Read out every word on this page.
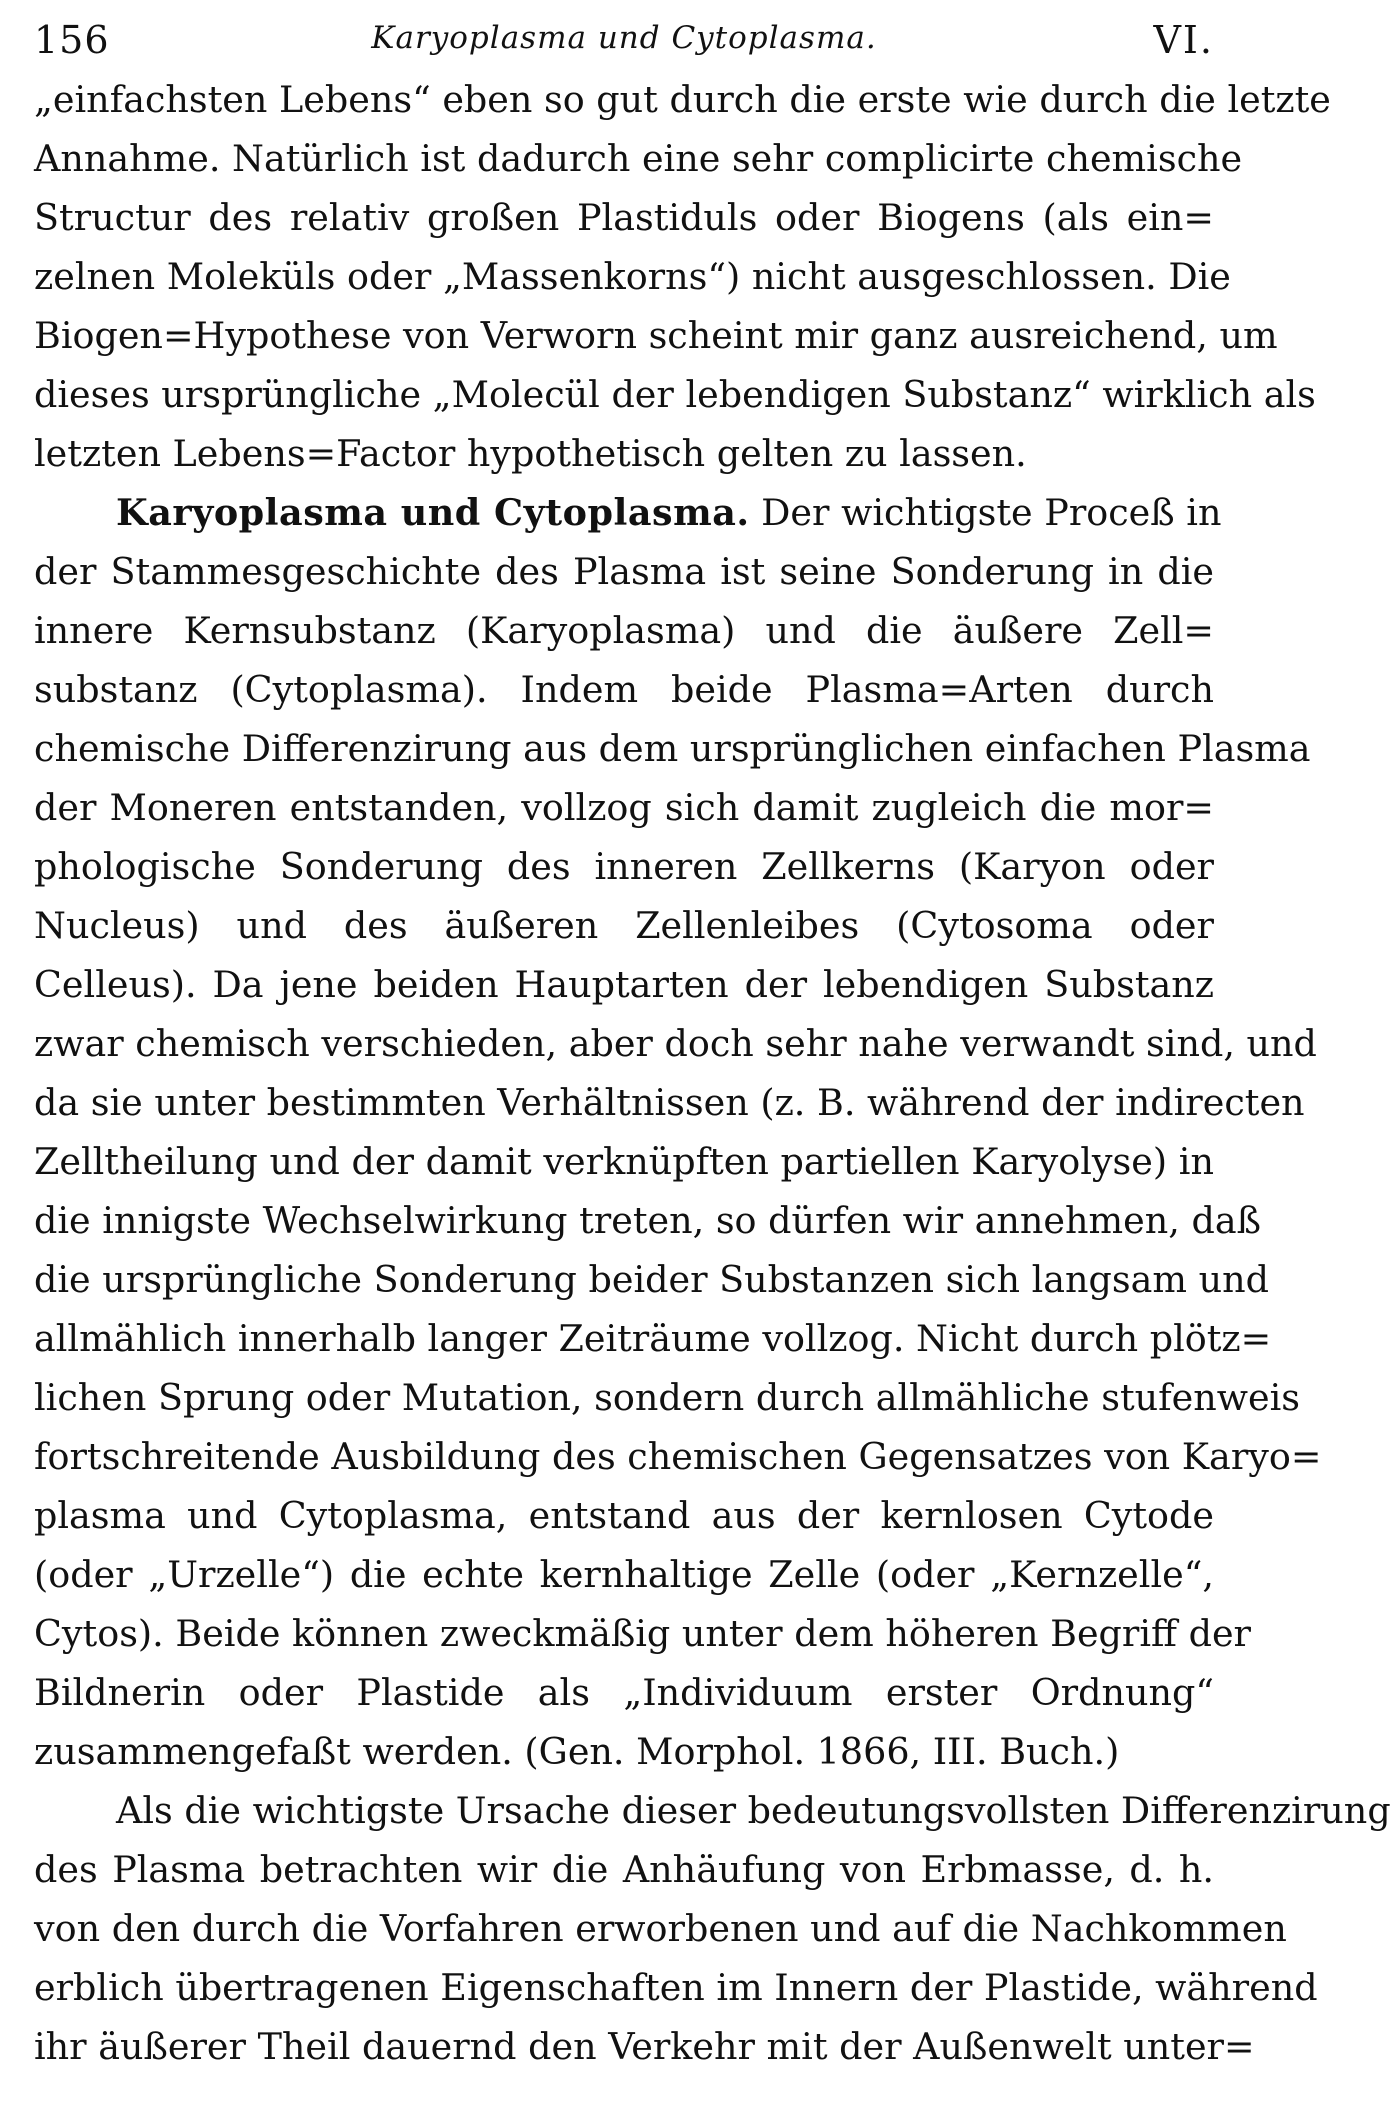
156	Karyoplasma und Cytoplasma.	VI.
„einfachsten Lebens“ eben so gut durch die erste wie durch die letzte
Annahme. Natürlich ist dadurch eine sehr complicirte chemische
Structur des relativ großen Plastiduls oder Biogens (als ein=
zelnen Moleküls oder „Massenkorns“) nicht ausgeschlossen. Die
Biogen=Hypothese von Verworn scheint mir ganz ausreichend, um
dieses ursprüngliche „Molecül der lebendigen Substanz“ wirklich als
letzten Lebens=Factor hypothetisch gelten zu lassen.
Karyoplasma und Cytoplasma. Der wichtigste Proceß in
der Stammesgeschichte des Plasma ist seine Sonderung in die
innere Kernsubstanz (Karyoplasma) und die äußere Zell=
substanz (Cytoplasma). Indem beide Plasma=Arten durch
chemische Differenzirung aus dem ursprünglichen einfachen Plasma
der Moneren entstanden, vollzog sich damit zugleich die mor=
phologische Sonderung des inneren Zellkerns (Karyon oder
Nucleus) und des äußeren Zellenleibes (Cytosoma oder
Celleus). Da jene beiden Hauptarten der lebendigen Substanz
zwar chemisch verschieden, aber doch sehr nahe verwandt sind, und
da sie unter bestimmten Verhältnissen (z. B. während der indirecten
Zelltheilung und der damit verknüpften partiellen Karyolyse) in
die innigste Wechselwirkung treten, so dürfen wir annehmen, daß
die ursprüngliche Sonderung beider Substanzen sich langsam und
allmählich innerhalb langer Zeiträume vollzog. Nicht durch plötz=
lichen Sprung oder Mutation, sondern durch allmähliche stufenweis
fortschreitende Ausbildung des chemischen Gegensatzes von Karyo=
plasma und Cytoplasma, entstand aus der kernlosen Cytode
(oder „Urzelle“) die echte kernhaltige Zelle (oder „Kernzelle“,
Cytos). Beide können zweckmäßig unter dem höheren Begriff der
Bildnerin oder Plastide als „Individuum erster Ordnung“
zusammengefaßt werden. (Gen. Morphol. 1866, III. Buch.)
Als die wichtigste Ursache dieser bedeutungsvollsten Differenzirung
des Plasma betrachten wir die Anhäufung von Erbmasse, d. h.
von den durch die Vorfahren erworbenen und auf die Nachkommen
erblich übertragenen Eigenschaften im Innern der Plastide, während
ihr äußerer Theil dauernd den Verkehr mit der Außenwelt unter=
